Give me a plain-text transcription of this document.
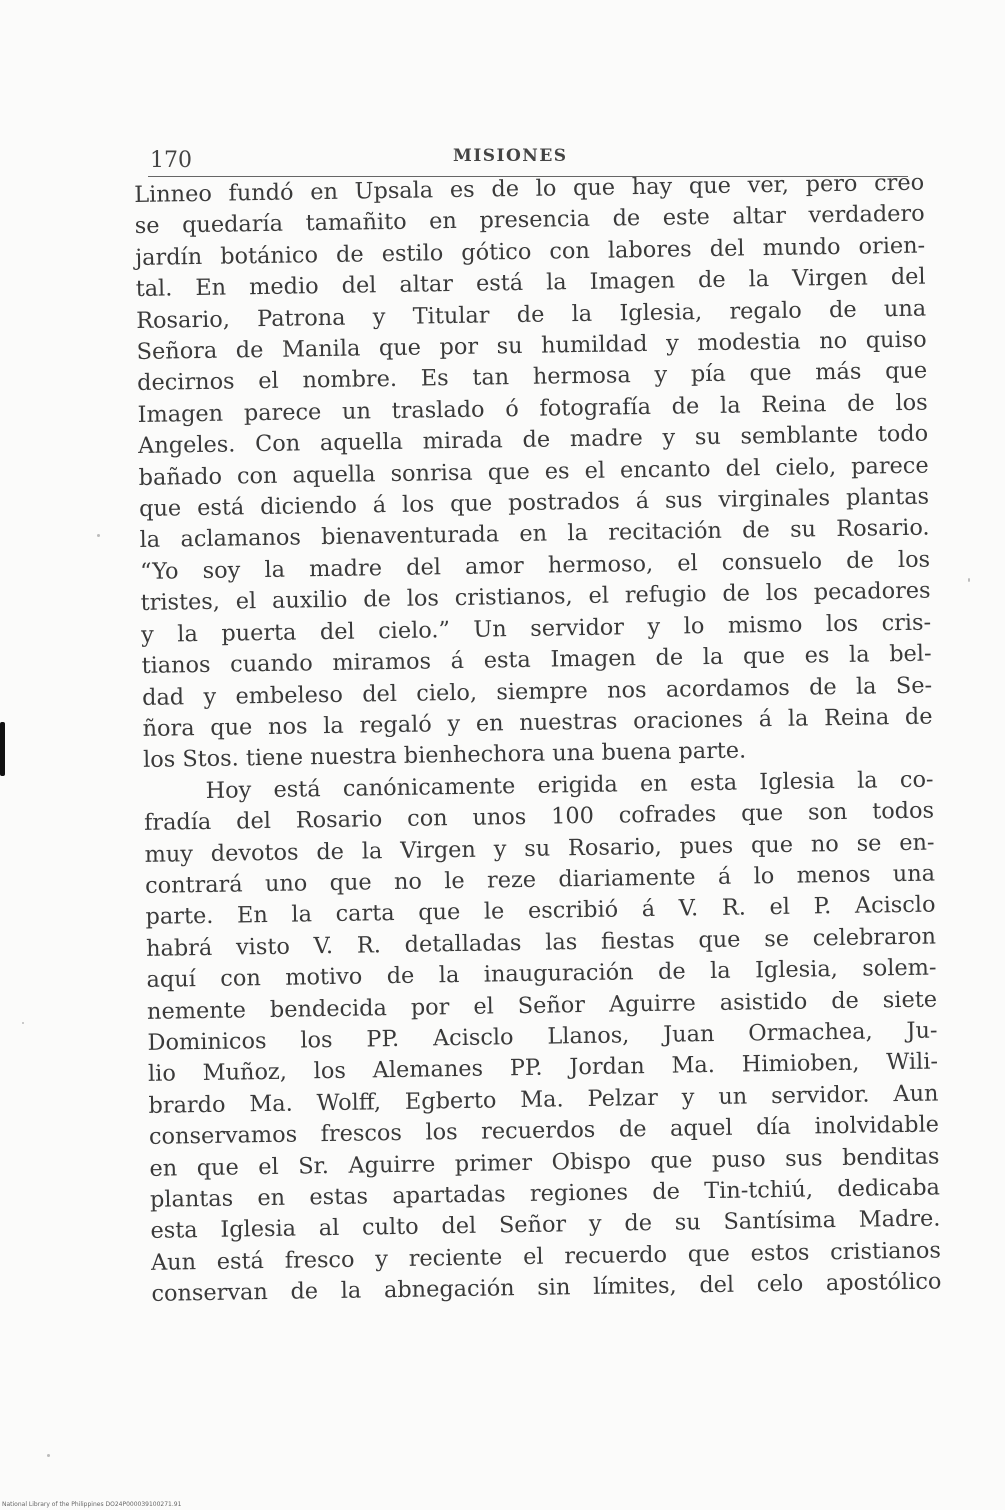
170	MISIONES
Linneo fundó en Upsala es de lo que hay que ver, pero creo
se quedaría tamañito en presencia de este altar verdadero
jardín botánico de estilo gótico con labores del mundo orien-
tal. En medio del altar está la Imagen de la Virgen del
Rosario, Patrona y Titular de la Iglesia, regalo de una
Señora de Manila que por su humildad y modestia no quiso
decirnos el nombre. Es tan hermosa y pía que más que
Imagen parece un traslado ó fotografía de la Reina de los
Angeles. Con aquella mirada de madre y su semblante todo
bañado con aquella sonrisa que es el encanto del cielo, parece
que está diciendo á los que postrados á sus virginales plantas
la aclamanos bienaventurada en la recitación de su Rosario.
“Yo soy la madre del amor hermoso, el consuelo de los
tristes, el auxilio de los cristianos, el refugio de los pecadores
y la puerta del cielo.” Un servidor y lo mismo los cris-
tianos cuando miramos á esta Imagen de la que es la bel-
dad y embeleso del cielo, siempre nos acordamos de la Se-
ñora que nos la regaló y en nuestras oraciones á la Reina de
los Stos. tiene nuestra bienhechora una buena parte.
Hoy está canónicamente erigida en esta Iglesia la co-
fradía del Rosario con unos 100 cofrades que son todos
muy devotos de la Virgen y su Rosario, pues que no se en-
contrará uno que no le reze diariamente á lo menos una
parte. En la carta que le escribió á V. R. el P. Acisclo
habrá visto V. R. detalladas las fiestas que se celebraron
aquí con motivo de la inauguración de la Iglesia, solem-
nemente bendecida por el Señor Aguirre asistido de siete
Dominicos los PP. Acisclo Llanos, Juan Ormachea, Ju-
lio Muñoz, los Alemanes PP. Jordan Ma. Himioben, Wili-
brardo Ma. Wolff, Egberto Ma. Pelzar y un servidor. Aun
conservamos frescos los recuerdos de aquel día inolvidable
en que el Sr. Aguirre primer Obispo que puso sus benditas
plantas en estas apartadas regiones de Tin-tchiú, dedicaba
esta Iglesia al culto del Señor y de su Santísima Madre.
Aun está fresco y reciente el recuerdo que estos cristianos
conservan de la abnegación sin límites, del celo apostólico
National Library of the Philippines DO24P000039100271.91
